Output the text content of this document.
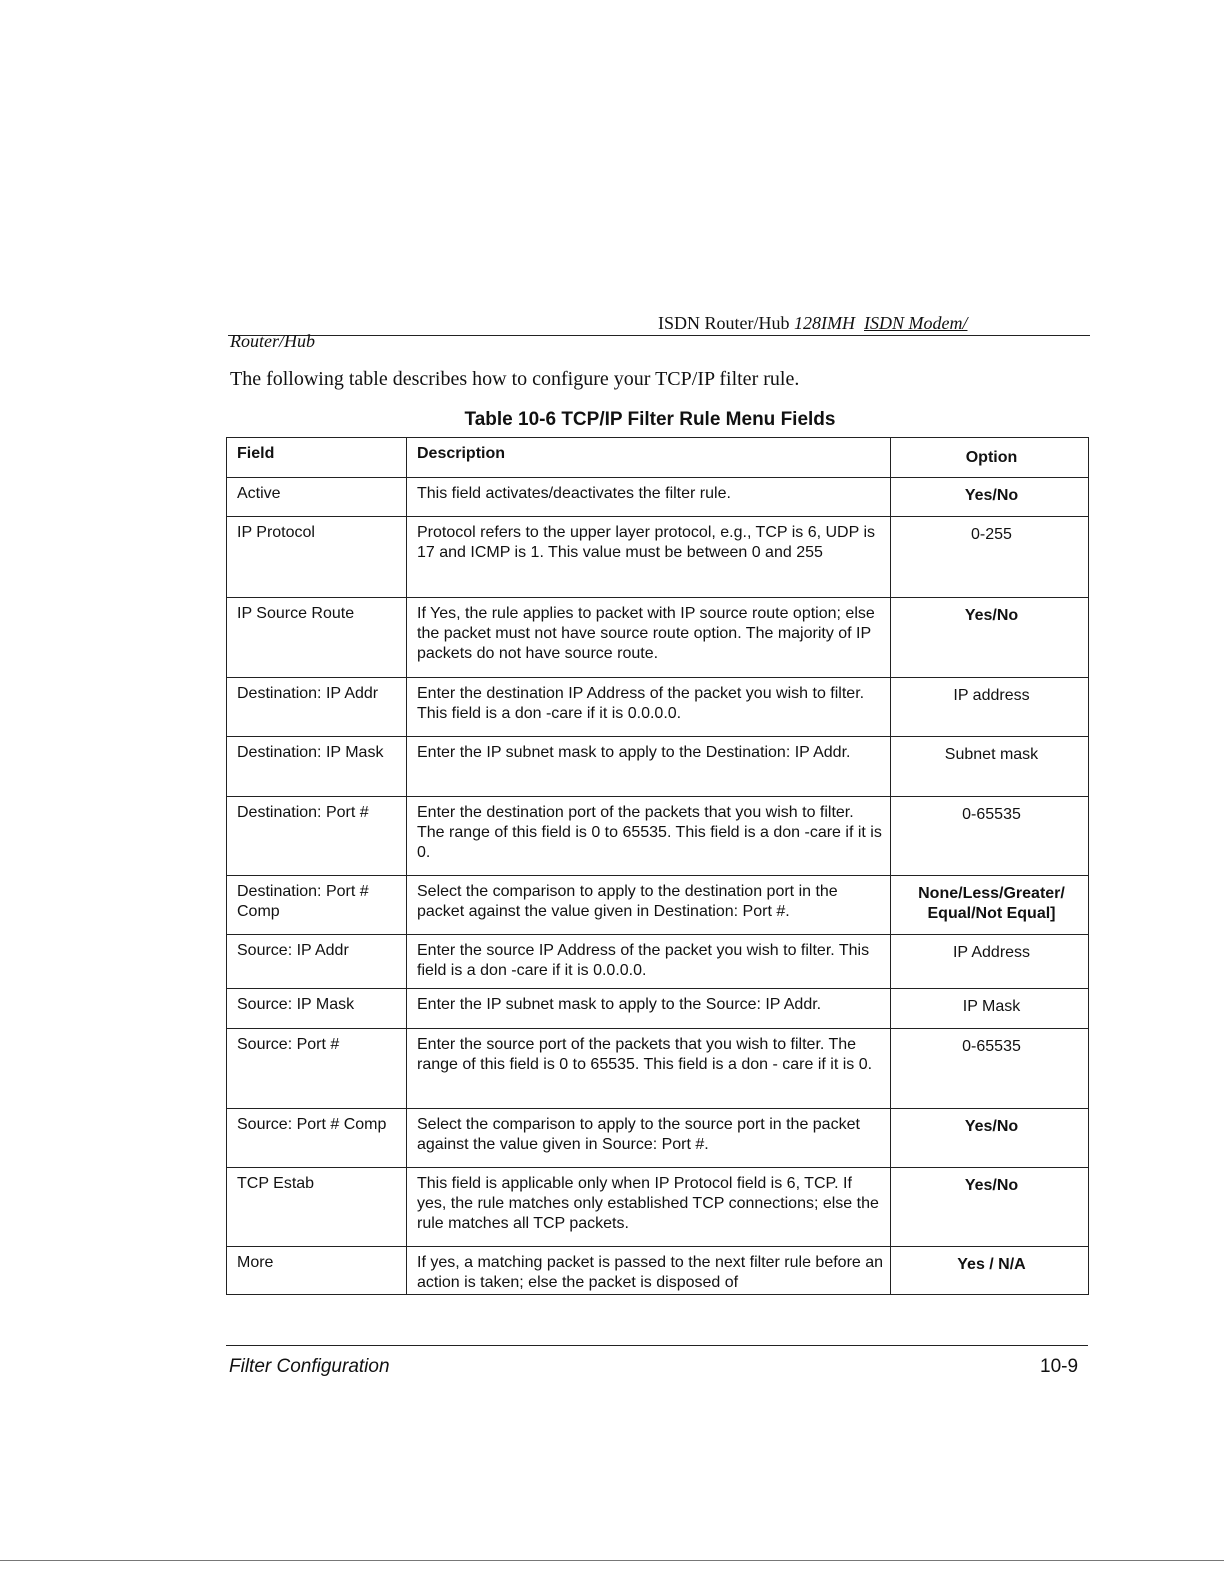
ISDN Router/Hub 128IMH ISDN Modem/
Router/Hub
The following table describes how to configure your TCP/IP filter rule.
Table 10-6 TCP/IP Filter Rule Menu Fields
Field	Description	Option

Active	This field activates/deactivates the filter rule.	Yes/No

IP Protocol	Protocol refers to the upper layer protocol, e.g., TCP is 6, UDP is 17 and ICMP is 1. This value must be between 0 and 255	0-255

IP Source Route	If Yes, the rule applies to packet with IP source route option; else the packet must not have source route option. The majority of IP packets do not have source route.	Yes/No

Destination: IP Addr	Enter the destination IP Address of the packet you wish to filter. This field is a don -care if it is 0.0.0.0.	IP address

Destination: IP Mask	Enter the IP subnet mask to apply to the Destination: IP Addr.	Subnet mask

Destination: Port #	Enter the destination port of the packets that you wish to filter. The range of this field is 0 to 65535. This field is a don -care if it is 0.	0-65535

Destination: Port # Comp	Select the comparison to apply to the destination port in the packet against the value given in Destination: Port #.	None/Less/Greater/ Equal/Not Equal]

Source: IP Addr	Enter the source IP Address of the packet you wish to filter. This field is a don -care if it is 0.0.0.0.	IP Address

Source: IP Mask	Enter the IP subnet mask to apply to the Source: IP Addr.	IP Mask

Source: Port #	Enter the source port of the packets that you wish to filter. The range of this field is 0 to 65535. This field is a don - care if it is 0.	0-65535

Source: Port # Comp	Select the comparison to apply to the source port in the packet against the value given in Source: Port #.	Yes/No

TCP Estab	This field is applicable only when IP Protocol field is 6, TCP. If yes, the rule matches only established TCP connections; else the rule matches all TCP packets.	Yes/No

More	If yes, a matching packet is passed to the next filter rule before an action is taken; else the packet is disposed of	Yes / N/A
Filter Configuration	10-9
